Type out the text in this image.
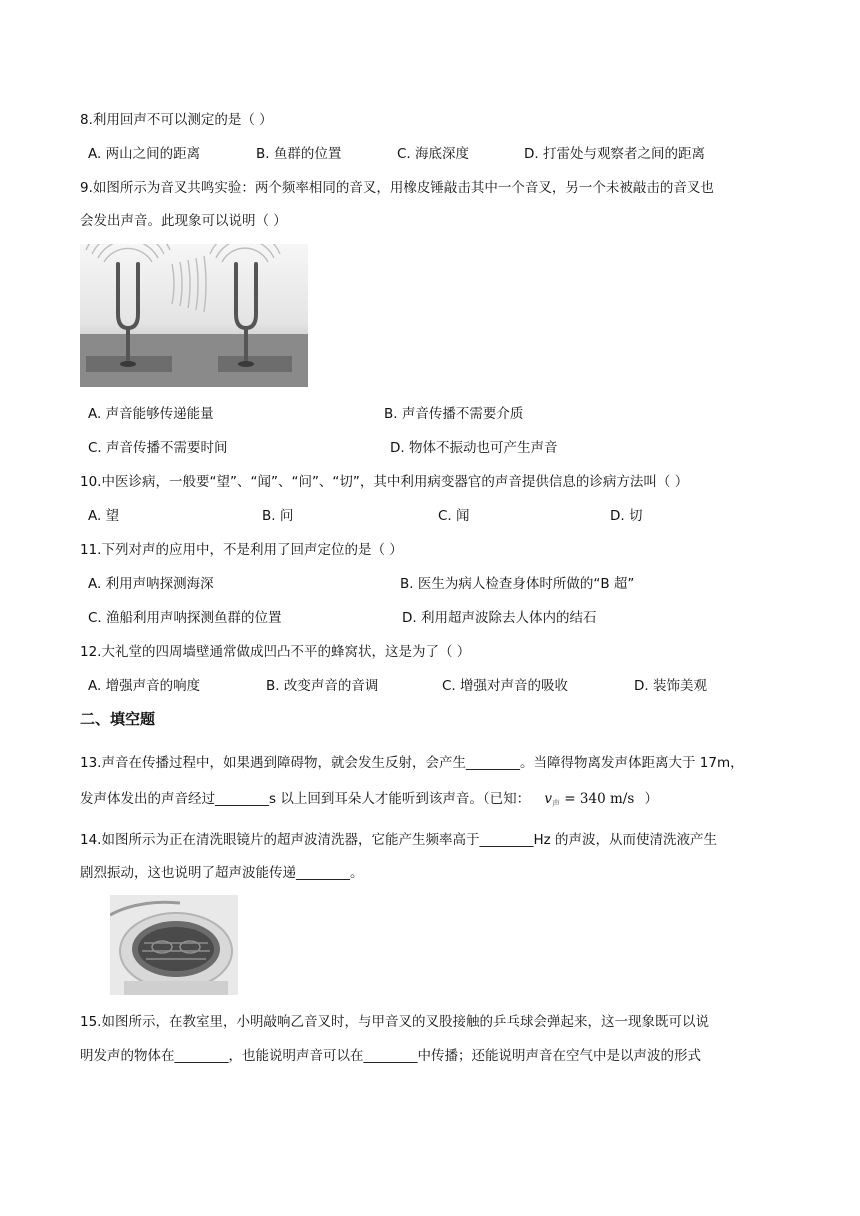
8.利用回声不可以测定的是（ ）
A. 两山之间的距离	B. 鱼群的位置	C. 海底深度	D. 打雷处与观察者之间的距离
9.如图所示为音叉共鸣实验：两个频率相同的音叉，用橡皮锤敲击其中一个音叉，另一个未被敲击的音叉也
会发出声音。此现象可以说明（ ）
A. 声音能够传递能量	B. 声音传播不需要介质
C. 声音传播不需要时间	D. 物体不振动也可产生声音
10.中医诊病，一般要“望”、“闻”、“问”、“切”，其中利用病变器官的声音提供信息的诊病方法叫（ ）
A. 望	B. 问	C. 闻	D. 切
11.下列对声的应用中，不是利用了回声定位的是（ ）
A. 利用声呐探测海深	B. 医生为病人检查身体时所做的“B 超”
C. 渔船利用声呐探测鱼群的位置	D. 利用超声波除去人体内的结石
12.大礼堂的四周墙壁通常做成凹凸不平的蜂窝状，这是为了（ ）
A. 增强声音的响度	B. 改变声音的音调	C. 增强对声音的吸收	D. 装饰美观
二、填空题
13.声音在传播过程中，如果遇到障碍物，就会发生反射，会产生________。当障得物离发声体距离大于 17m，
发声体发出的声音经过________s 以上回到耳朵人才能听到该声音。（已知： $v_声 = 340$ m/s ）
14.如图所示为正在清洗眼镜片的超声波清洗器，它能产生频率高于________Hz 的声波，从而使清洗液产生
剧烈振动，这也说明了超声波能传递________。
15.如图所示，在教室里，小明敲响乙音叉时，与甲音叉的叉股接触的乒乓球会弹起来，这一现象既可以说
明发声的物体在________，也能说明声音可以在________中传播；还能说明声音在空气中是以声波的形式
